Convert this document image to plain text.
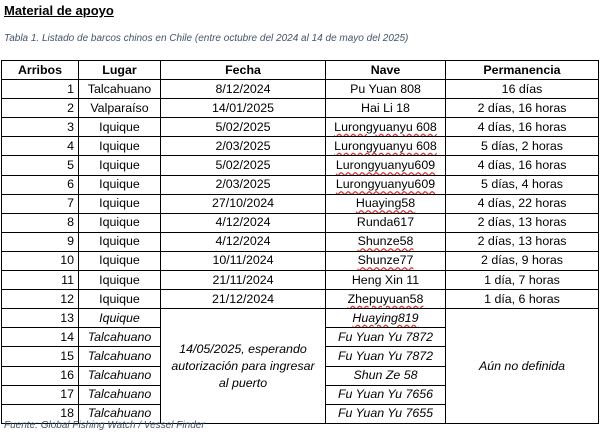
Material de apoyo
Tabla 1. Listado de barcos chinos en Chile (entre octubre del 2024 al 14 de mayo del 2025)
Arribos	Lugar	Fecha	Nave	Permanencia
1	Talcahuano	8/12/2024	Pu Yuan 808	16 días
2	Valparaíso	14/01/2025	Hai Li 18	2 días, 16 horas
3	Iquique	5/02/2025	Lurongyuanyu 608	4 días, 16 horas
4	Iquique	2/03/2025	Lurongyuanyu 608	5 días, 2 horas
5	Iquique	5/02/2025	Lurongyuanyu609	4 días, 16 horas
6	Iquique	2/03/2025	Lurongyuanyu609	5 días, 4 horas
7	Iquique	27/10/2024	Huaying58	4 días, 22 horas
8	Iquique	4/12/2024	Runda617	2 días, 13 horas
9	Iquique	4/12/2024	Shunze58	2 días, 13 horas
10	Iquique	10/11/2024	Shunze77	2 días, 9 horas
11	Iquique	21/11/2024	Heng Xin 11	1 día, 7 horas
12	Iquique	21/12/2024	Zhepuyuan58	1 día, 6 horas
13	Iquique	14/05/2025, esperando autorización para ingresar al puerto	Huaying819	Aún no definida
14	Talcahuano		Fu Yuan Yu 7872	
15	Talcahuano		Fu Yuan Yu 7872	
16	Talcahuano		Shun Ze 58	
17	Talcahuano		Fu Yuan Yu 7656	
18	Talcahuano		Fu Yuan Yu 7655	
Fuente: Global Fishing Watch / Vessel Finder
